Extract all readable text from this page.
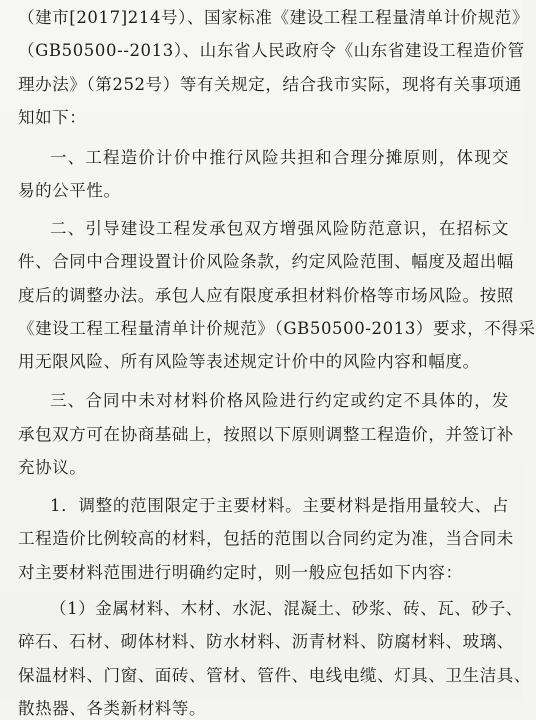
（建市[2017]214号）、国家标准《建设工程工程量清单计价规范》
（GB50500--2013）、山东省人民政府令《山东省建设工程造价管
理办法》（第252号）等有关规定，结合我市实际，现将有关事项通
知如下：
一、工程造价计价中推行风险共担和合理分摊原则，体现交
易的公平性。
二、引导建设工程发承包双方增强风险防范意识，在招标文
件、合同中合理设置计价风险条款，约定风险范围、幅度及超出幅
度后的调整办法。承包人应有限度承担材料价格等市场风险。按照
《建设工程工程量清单计价规范》（GB50500-2013）要求，不得采
用无限风险、所有风险等表述规定计价中的风险内容和幅度。
三、合同中未对材料价格风险进行约定或约定不具体的，发
承包双方可在协商基础上，按照以下原则调整工程造价，并签订补
充协议。
1．调整的范围限定于主要材料。主要材料是指用量较大、占
工程造价比例较高的材料，包括的范围以合同约定为准，当合同未
对主要材料范围进行明确约定时，则一般应包括如下内容：
（1）金属材料、木材、水泥、混凝土、砂浆、砖、瓦、砂子、
碎石、石材、砌体材料、防水材料、沥青材料、防腐材料、玻璃、
保温材料、门窗、面砖、管材、管件、电线电缆、灯具、卫生洁具、
散热器、各类新材料等。
